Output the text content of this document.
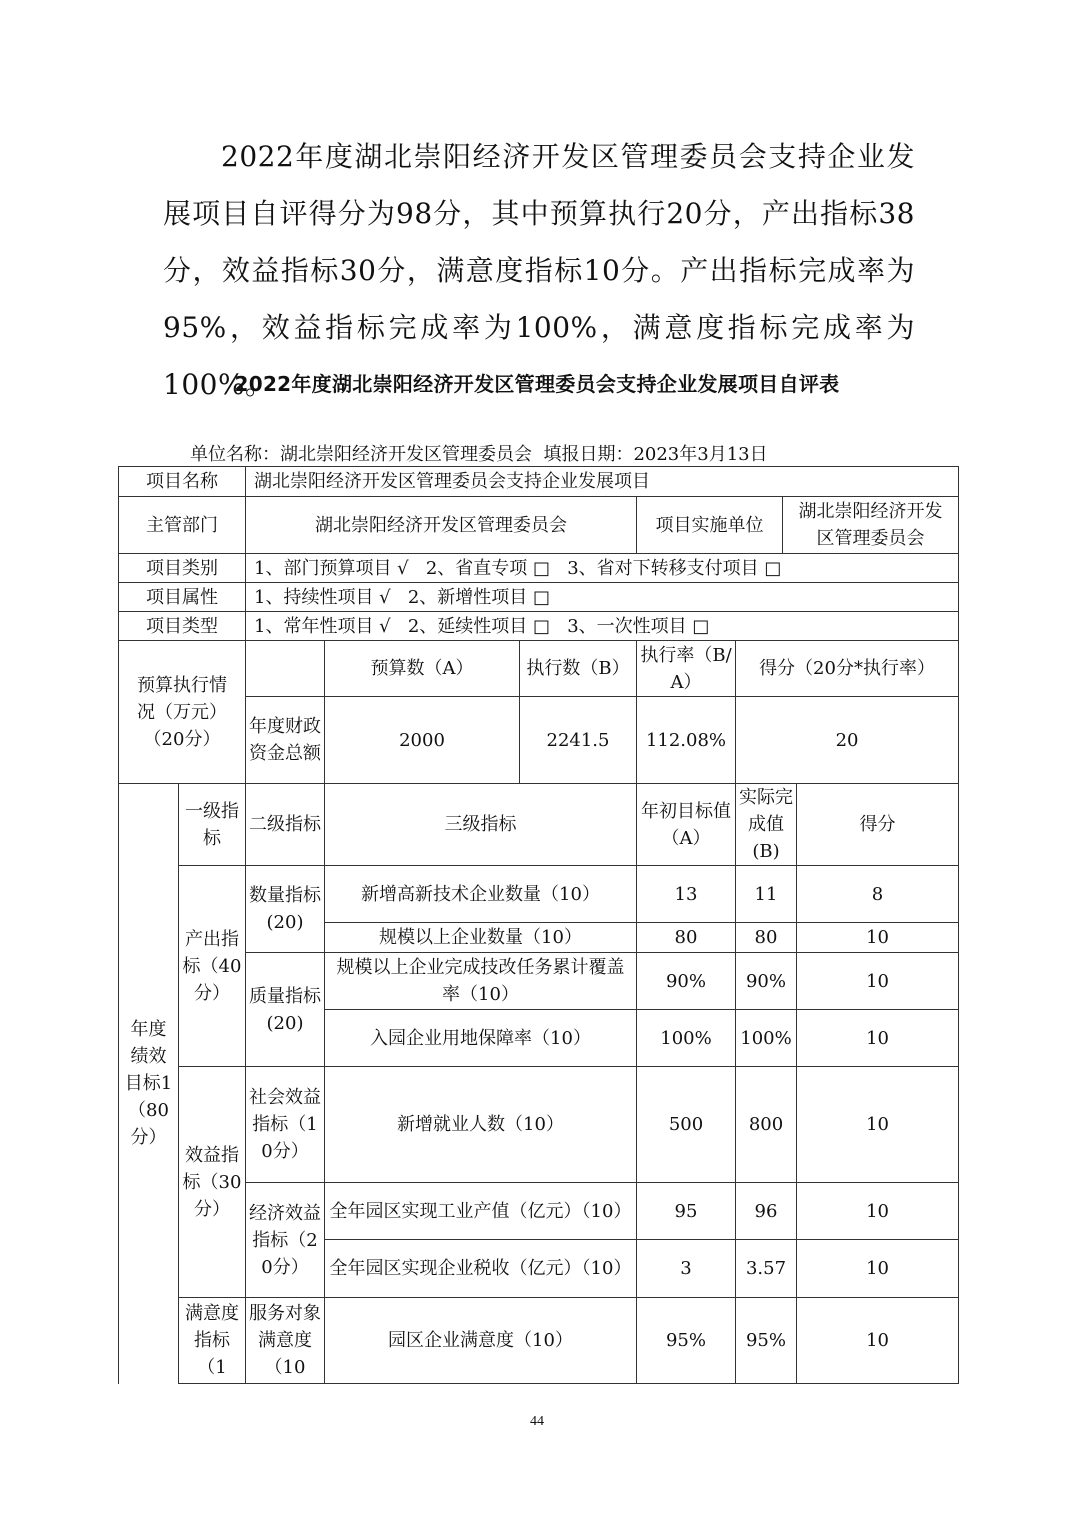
2022年度湖北崇阳经济开发区管理委员会支持企业发展项目自评得分为98分，其中预算执行20分，产出指标38分，效益指标30分，满意度指标10分。产出指标完成率为95%，效益指标完成率为100%，满意度指标完成率为100%。
2022年度湖北崇阳经济开发区管理委员会支持企业发展项目自评表
单位名称：湖北崇阳经济开发区管理委员会 填报日期：2023年3月13日
项目名称		湖北崇阳经济开发区管理委员会支持企业发展项目						
主管部门		湖北崇阳经济开发区管理委员会			项目实施单位		湖北崇阳经济开发区管理委员会	
项目类别		1、部门预算项目 √ 2、省直专项 □ 3、省对下转移支付项目 □						
项目属性		1、持续性项目 √ 2、新增性项目 □						
项目类型		1、常年性项目 √ 2、延续性项目 □ 3、一次性项目 □						
预算执行情况（万元）（20分）			预算数（A）	执行数（B）	执行率（B/A）	得分（20分*执行率）		
		年度财政资金总额	2000	2241.5	112.08%	20		
年度绩效目标1（80分）	一级指标	二级指标	三级指标		年初目标值（A）	实际完成值(B)		得分
	产出指标（40分）	数量指标(20)	新增高新技术企业数量（10）		13	11		8
			规模以上企业数量（10）		80	80		10
		质量指标(20)	规模以上企业完成技改任务累计覆盖率（10）		90%	90%		10
			入园企业用地保障率（10）		100%	100%		10
	效益指标（30分）	社会效益指标（10分）	新增就业人数（10）		500	800		10
		经济效益指标（20分）	全年园区实现工业产值（亿元）（10）		95	96		10
			全年园区实现企业税收（亿元）（10）		3	3.57		10
	满意度指标（1	服务对象满意度（10	园区企业满意度（10）		95%	95%		10
44
